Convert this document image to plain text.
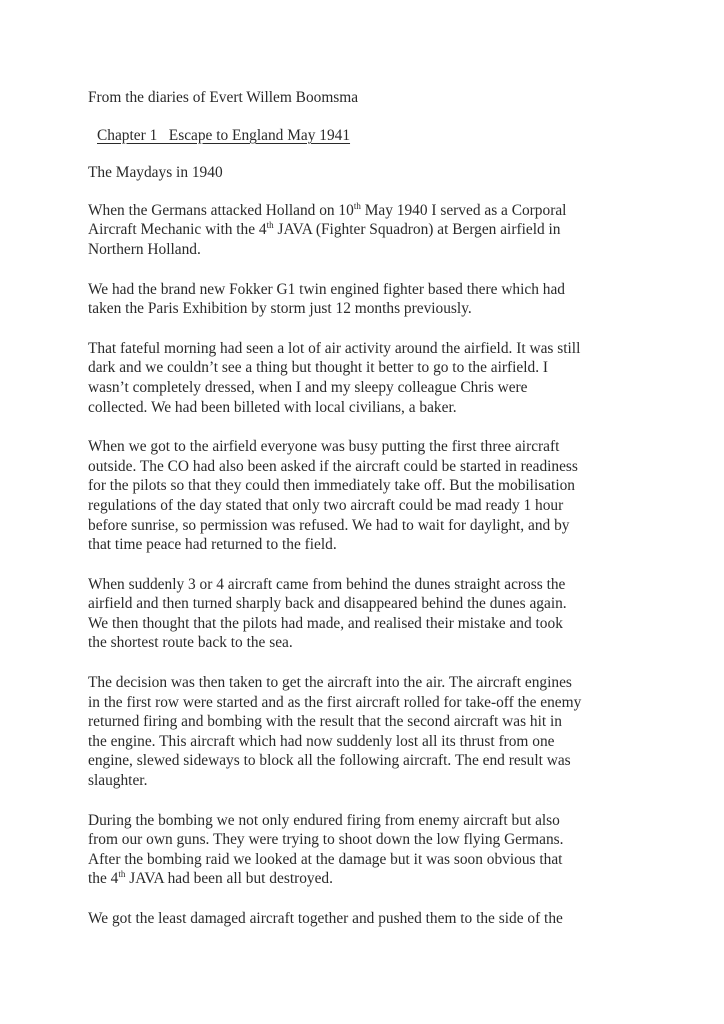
From the diaries of Evert Willem Boomsma

Chapter 1   Escape to England May 1941

The Maydays in 1940

When the Germans attacked Holland on 10th May 1940 I served as a Corporal
Aircraft Mechanic with the 4th JAVA (Fighter Squadron) at Bergen airfield in
Northern Holland.
We had the brand new Fokker G1 twin engined fighter based there which had
taken the Paris Exhibition by storm just 12 months previously.
That fateful morning had seen a lot of air activity around the airfield. It was still
dark and we couldn’t see a thing but thought it better to go to the airfield. I
wasn’t completely dressed, when I and my sleepy colleague Chris were
collected. We had been billeted with local civilians, a baker.
When we got to the airfield everyone was busy putting the first three aircraft
outside. The CO had also been asked if the aircraft could be started in readiness
for the pilots so that they could then immediately take off. But the mobilisation
regulations of the day stated that only two aircraft could be mad ready 1 hour
before sunrise, so permission was refused. We had to wait for daylight, and by
that time peace had returned to the field.
When suddenly 3 or 4 aircraft came from behind the dunes straight across the
airfield and then turned sharply back and disappeared behind the dunes again.
We then thought that the pilots had made, and realised their mistake and took
the shortest route back to the sea.
The decision was then taken to get the aircraft into the air. The aircraft engines
in the first row were started and as the first aircraft rolled for take-off the enemy
returned firing and bombing with the result that the second aircraft was hit in
the engine. This aircraft which had now suddenly lost all its thrust from one
engine, slewed sideways to block all the following aircraft. The end result was
slaughter.
During the bombing we not only endured firing from enemy aircraft but also
from our own guns. They were trying to shoot down the low flying Germans.
After the bombing raid we looked at the damage but it was soon obvious that
the 4th JAVA had been all but destroyed.
We got the least damaged aircraft together and pushed them to the side of the
